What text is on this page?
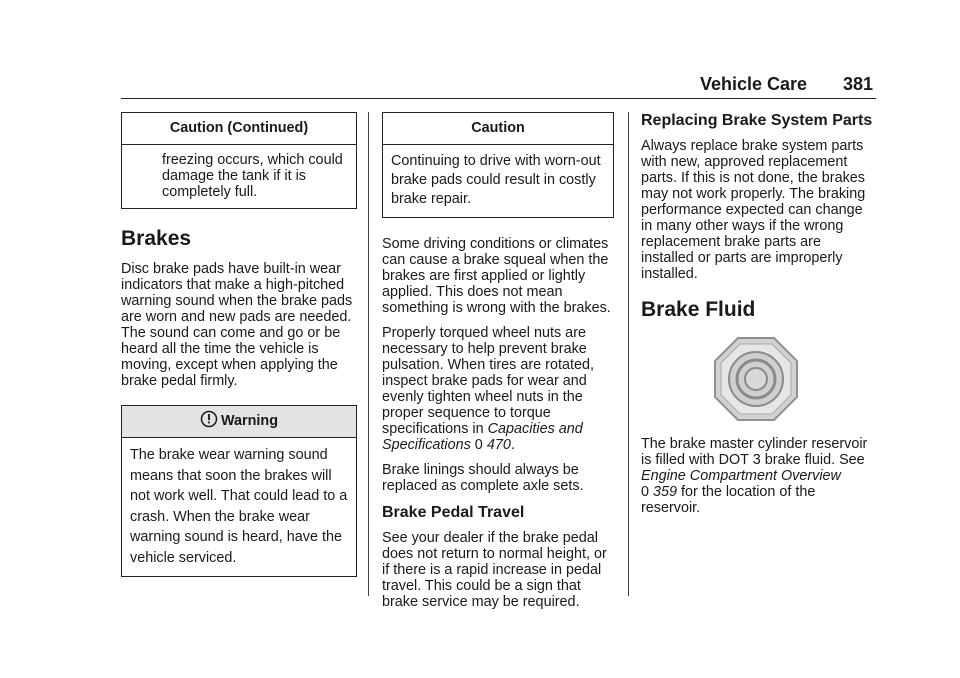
Vehicle Care 381
Caution (Continued)
freezing occurs, which could damage the tank if it is completely full.
Brakes

Disc brake pads have built-in wear indicators that make a high-pitched warning sound when the brake pads are worn and new pads are needed. The sound can come and go or be heard all the time the vehicle is moving, except when applying the brake pedal firmly.

Warning
The brake wear warning sound means that soon the brakes will not work well. That could lead to a crash. When the brake wear warning sound is heard, have the vehicle serviced.
Caution
Continuing to drive with worn-out brake pads could result in costly brake repair.

Some driving conditions or climates can cause a brake squeal when the brakes are first applied or lightly applied. This does not mean something is wrong with the brakes.

Properly torqued wheel nuts are necessary to help prevent brake pulsation. When tires are rotated, inspect brake pads for wear and evenly tighten wheel nuts in the proper sequence to torque specifications in Capacities and Specifications 0 470.

Brake linings should always be replaced as complete axle sets.

Brake Pedal Travel

See your dealer if the brake pedal does not return to normal height, or if there is a rapid increase in pedal travel. This could be a sign that brake service may be required.

Replacing Brake System Parts

Always replace brake system parts with new, approved replacement parts. If this is not done, the brakes may not work properly. The braking performance expected can change in many other ways if the wrong replacement brake parts are installed or parts are improperly installed.

Brake Fluid

The brake master cylinder reservoir is filled with DOT 3 brake fluid. See Engine Compartment Overview
0 359 for the location of the reservoir.
